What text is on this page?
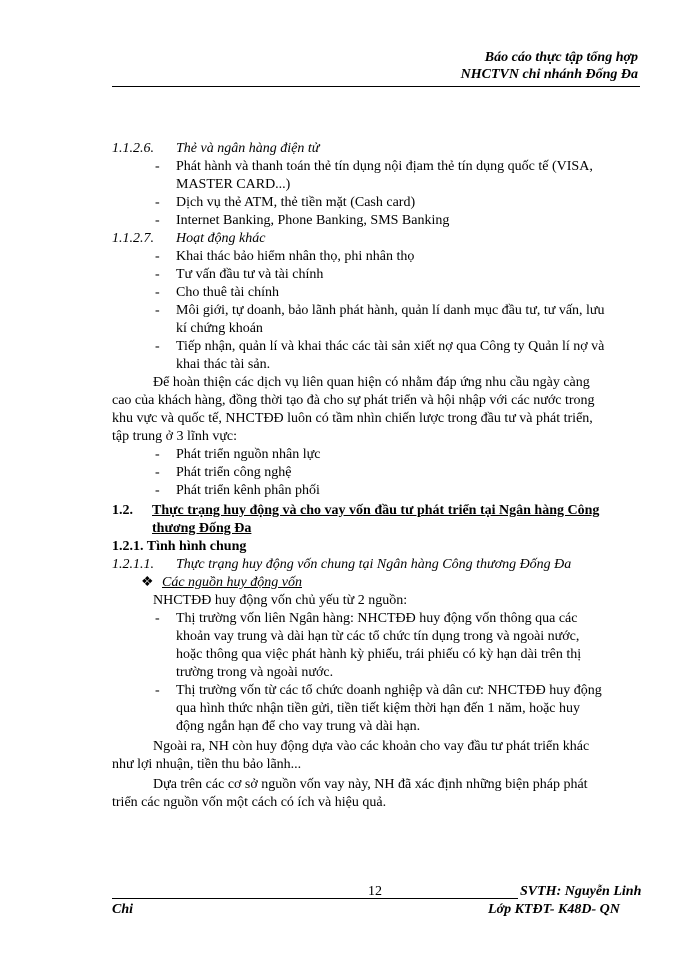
Báo cáo thực tập tổng hợp
NHCTVN chi nhánh Đống Đa
1.1.2.6. Thẻ và ngân hàng điện tử
- Phát hành và thanh toán thẻ tín dụng nội địam thẻ tín dụng quốc tế (VISA,
MASTER CARD...)
- Dịch vụ thẻ ATM, thẻ tiền mặt (Cash card)
- Internet Banking, Phone Banking, SMS Banking
1.1.2.7. Hoạt động khác
- Khai thác bảo hiểm nhân thọ, phi nhân thọ
- Tư vấn đầu tư và tài chính
- Cho thuê tài chính
- Môi giới, tự doanh, bảo lãnh phát hành, quản lí danh mục đầu tư, tư vấn, lưu
kí chứng khoán
- Tiếp nhận, quản lí và khai thác các tài sản xiết nợ qua Công ty Quản lí nợ và
khai thác tài sản.
Để hoàn thiện các dịch vụ liên quan hiện có nhằm đáp ứng nhu cầu ngày càng
cao của khách hàng, đồng thời tạo đà cho sự phát triển và hội nhập với các nước trong
khu vực và quốc tế, NHCTĐĐ luôn có tầm nhìn chiến lược trong đầu tư và phát triển,
tập trung ở 3 lĩnh vực:
- Phát triển nguồn nhân lực
- Phát triển công nghệ
- Phát triển kênh phân phối
1.2. Thực trạng huy động và cho vay vốn đầu tư phát triển tại Ngân hàng Công
thương Đống Đa
1.2.1. Tình hình chung
1.2.1.1. Thực trạng huy động vốn chung tại Ngân hàng Công thương Đống Đa
❖ Các nguồn huy động vốn
NHCTĐĐ huy động vốn chủ yếu từ 2 nguồn:
- Thị trường vốn liên Ngân hàng: NHCTĐĐ huy động vốn thông qua các
khoản vay trung và dài hạn từ các tổ chức tín dụng trong và ngoài nước,
hoặc thông qua việc phát hành kỳ phiếu, trái phiếu có kỳ hạn dài trên thị
trường trong và ngoài nước.
- Thị trường vốn từ các tổ chức doanh nghiệp và dân cư: NHCTĐĐ huy động
qua hình thức nhận tiền gửi, tiền tiết kiệm thời hạn đến 1 năm, hoặc huy
động ngắn hạn để cho vay trung và dài hạn.
Ngoài ra, NH còn huy động dựa vào các khoản cho vay đầu tư phát triển khác
như lợi nhuận, tiền thu bảo lãnh...
Dựa trên các cơ sở nguồn vốn vay này, NH đã xác định những biện pháp phát
triển các nguồn vốn một cách có ích và hiệu quả.
12	SVTH: Nguyễn Linh
Chi	Lớp KTĐT- K48D- QN
